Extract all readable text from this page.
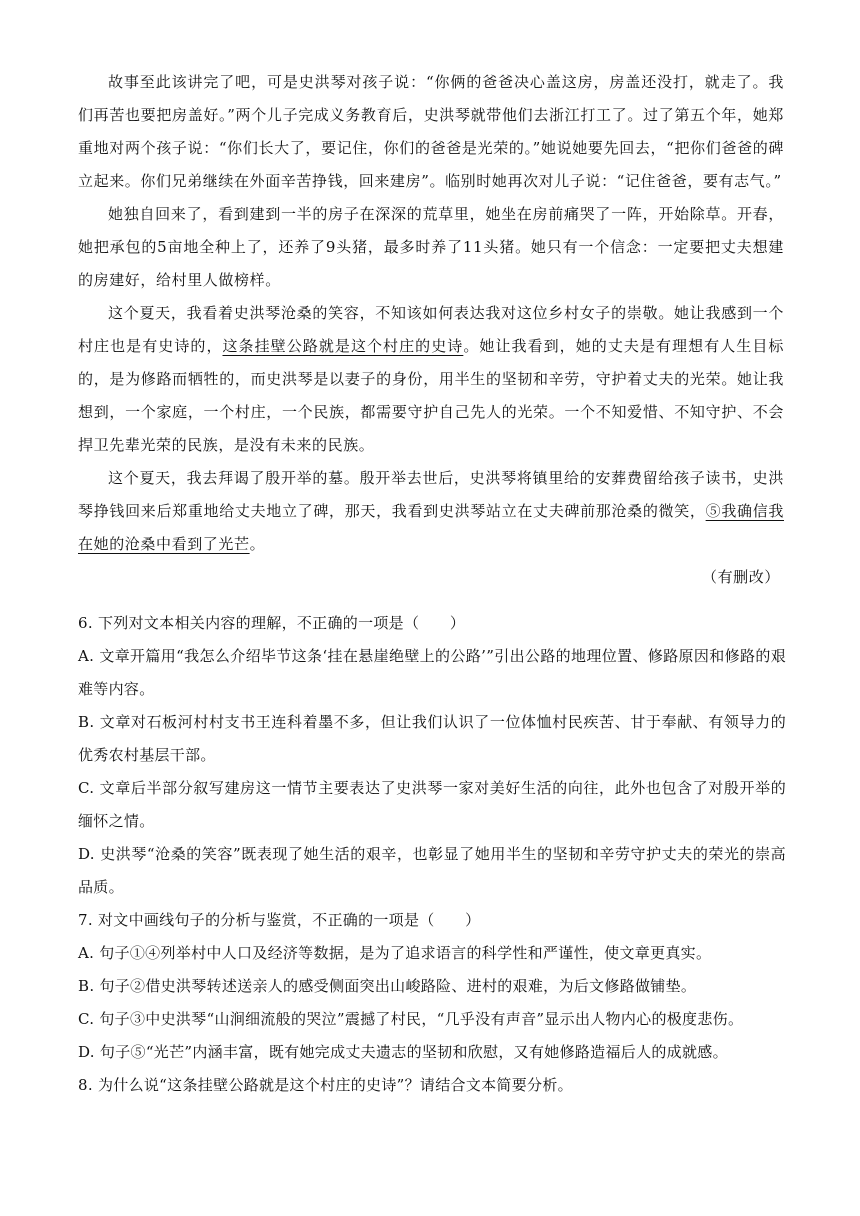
故事至此该讲完了吧，可是史洪琴对孩子说：“你俩的爸爸决心盖这房，房盖还没打，就走了。我们再苦也要把房盖好。”两个儿子完成义务教育后，史洪琴就带他们去浙江打工了。过了第五个年，她郑重地对两个孩子说：“你们长大了，要记住，你们的爸爸是光荣的。”她说她要先回去，“把你们爸爸的碑立起来。你们兄弟继续在外面辛苦挣钱，回来建房”。临别时她再次对儿子说：“记住爸爸，要有志气。”

她独自回来了，看到建到一半的房子在深深的荒草里，她坐在房前痛哭了一阵，开始除草。开春，她把承包的5亩地全种上了，还养了9头猪，最多时养了11头猪。她只有一个信念：一定要把丈夫想建的房建好，给村里人做榜样。

这个夏天，我看着史洪琴沧桑的笑容，不知该如何表达我对这位乡村女子的崇敬。她让我感到一个村庄也是有史诗的，这条挂壁公路就是这个村庄的史诗。她让我看到，她的丈夫是有理想有人生目标的，是为修路而牺牲的，而史洪琴是以妻子的身份，用半生的坚韧和辛劳，守护着丈夫的光荣。她让我想到，一个家庭，一个村庄，一个民族，都需要守护自己先人的光荣。一个不知爱惜、不知守护、不会捍卫先辈光荣的民族，是没有未来的民族。

这个夏天，我去拜谒了殷开举的墓。殷开举去世后，史洪琴将镇里给的安葬费留给孩子读书，史洪琴挣钱回来后郑重地给丈夫地立了碑，那天，我看到史洪琴站立在丈夫碑前那沧桑的微笑，⑤我确信我在她的沧桑中看到了光芒。

（有删改）

6. 下列对文本相关内容的理解，不正确的一项是（　　）

A. 文章开篇用“我怎么介绍毕节这条‘挂在悬崖绝壁上的公路’”引出公路的地理位置、修路原因和修路的艰难等内容。

B. 文章对石板河村村支书王连科着墨不多，但让我们认识了一位体恤村民疾苦、甘于奉献、有领导力的优秀农村基层干部。

C. 文章后半部分叙写建房这一情节主要表达了史洪琴一家对美好生活的向往，此外也包含了对殷开举的缅怀之情。

D. 史洪琴“沧桑的笑容”既表现了她生活的艰辛，也彰显了她用半生的坚韧和辛劳守护丈夫的荣光的崇高品质。

7. 对文中画线句子的分析与鉴赏，不正确的一项是（　　）

A. 句子①④列举村中人口及经济等数据，是为了追求语言的科学性和严谨性，使文章更真实。

B. 句子②借史洪琴转述送亲人的感受侧面突出山峻路险、进村的艰难，为后文修路做铺垫。

C. 句子③中史洪琴“山涧细流般的哭泣”震撼了村民，“几乎没有声音”显示出人物内心的极度悲伤。

D. 句子⑤“光芒”内涵丰富，既有她完成丈夫遗志的坚韧和欣慰，又有她修路造福后人的成就感。

8. 为什么说“这条挂壁公路就是这个村庄的史诗”？请结合文本简要分析。
